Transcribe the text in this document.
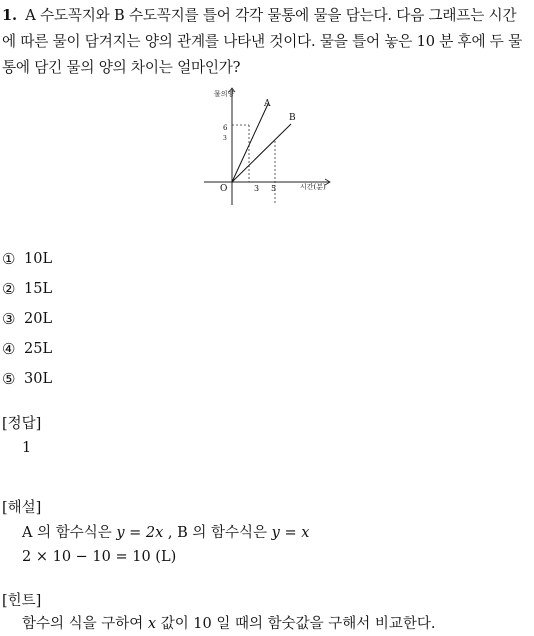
1. A 수도꼭지와 B 수도꼭지를 틀어 각각 물통에 물을 담는다. 다음 그래프는 시간에 따른 물이 담겨지는 양의 관계를 나타낸 것이다. 물을 틀어 놓은 10 분 후에 두 물통에 담긴 물의 양의 차이는 얼마인가?
물의양
시간(분)
A
B
O
6
3
3 5
① 10L
② 15L
③ 20L
④ 25L
⑤ 30L
[정답]
1
[해설]
A 의 함수식은 y = 2x , B 의 함수식은 y = x
2 × 10 − 10 = 10 (L)
[힌트]
함수의 식을 구하여 x 값이 10 일 때의 함숫값을 구해서 비교한다.
